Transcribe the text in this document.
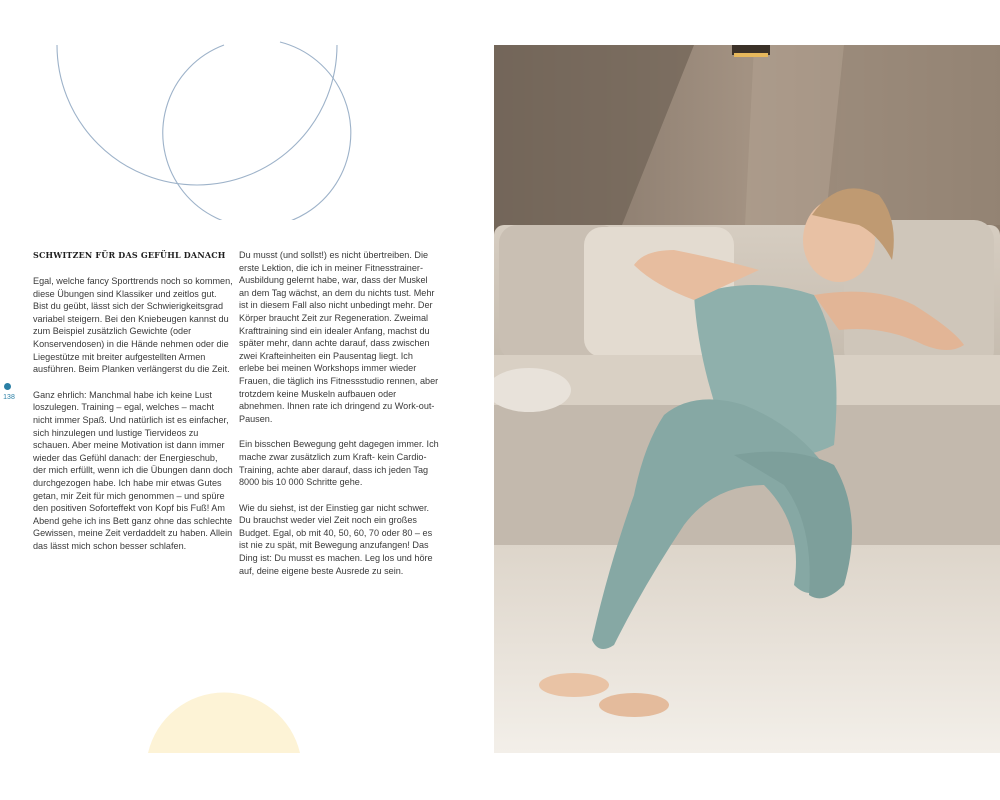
138
SCHWITZEN FÜR DAS GEFÜHL DANACH

Egal, welche fancy Sporttrends noch so kommen, diese Übungen sind Klassiker und zeitlos gut. Bist du geübt, lässt sich der Schwierigkeitsgrad variabel steigern. Bei den Kniebeugen kannst du zum Beispiel zusätzlich Gewichte (oder Konservendosen) in die Hände nehmen oder die Liegestütze mit breiter aufgestellten Armen ausführen. Beim Planken verlängerst du die Zeit.

Ganz ehrlich: Manchmal habe ich keine Lust loszulegen. Training – egal, welches – macht nicht immer Spaß. Und natürlich ist es einfacher, sich hinzulegen und lustige Tiervideos zu schauen. Aber meine Motivation ist dann immer wieder das Gefühl danach: der Energieschub, der mich erfüllt, wenn ich die Übungen dann doch durchgezogen habe. Ich habe mir etwas Gutes getan, mir Zeit für mich genommen – und spüre den positiven Soforteffekt von Kopf bis Fuß! Am Abend gehe ich ins Bett ganz ohne das schlechte Gewissen, meine Zeit verdaddelt zu haben. Allein das lässt mich schon besser schlafen.

Du musst (und sollst!) es nicht übertreiben. Die erste Lektion, die ich in meiner Fitnesstrainer-Ausbildung gelernt habe, war, dass der Muskel an dem Tag wächst, an dem du nichts tust. Mehr ist in diesem Fall also nicht unbedingt mehr. Der Körper braucht Zeit zur Regeneration. Zweimal Krafttraining sind ein idealer Anfang, machst du später mehr, dann achte darauf, dass zwischen zwei Krafteinheiten ein Pausentag liegt. Ich erlebe bei meinen Workshops immer wieder Frauen, die täglich ins Fitnessstudio rennen, aber trotzdem keine Muskeln aufbauen oder abnehmen. Ihnen rate ich dringend zu Work-out-Pausen.

Ein bisschen Bewegung geht dagegen immer. Ich mache zwar zusätzlich zum Kraft- kein Cardio-Training, achte aber darauf, dass ich jeden Tag 8000 bis 10 000 Schritte gehe.

Wie du siehst, ist der Einstieg gar nicht schwer. Du brauchst weder viel Zeit noch ein großes Budget. Egal, ob mit 40, 50, 60, 70 oder 80 – es ist nie zu spät, mit Bewegung anzufangen! Das Ding ist: Du musst es machen. Leg los und höre auf, deine eigene beste Ausrede zu sein.
